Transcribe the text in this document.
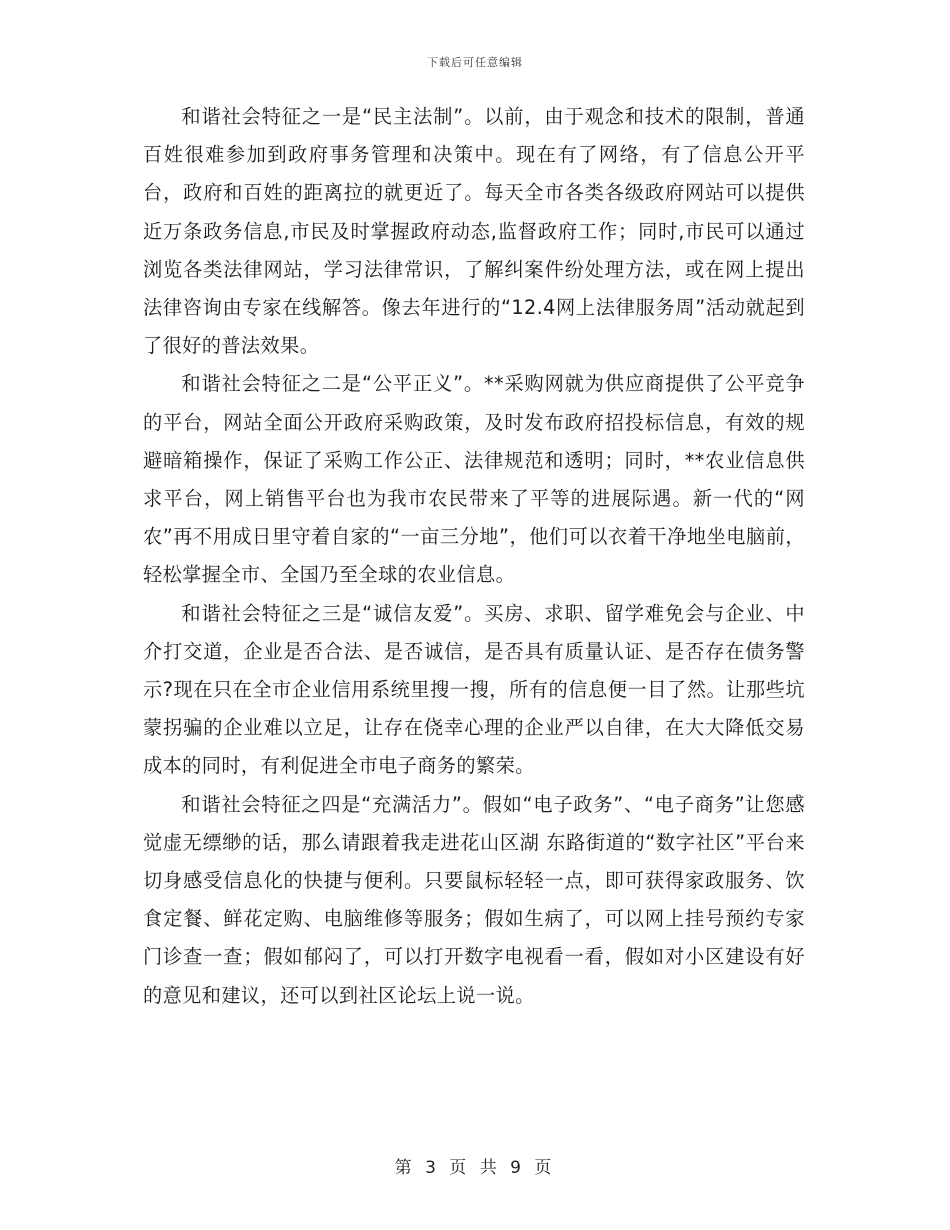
下载后可任意编辑

和谐社会特征之一是“民主法制”。以前，由于观念和技术的限制，普通百姓很难参加到政府事务管理和决策中。现在有了网络，有了信息公开平台，政府和百姓的距离拉的就更近了。每天全市各类各级政府网站可以提供近万条政务信息,市民及时掌握政府动态,监督政府工作；同时,市民可以通过浏览各类法律网站，学习法律常识，了解纠案件纷处理方法，或在网上提出法律咨询由专家在线解答。像去年进行的“12.4网上法律服务周”活动就起到了很好的普法效果。

和谐社会特征之二是“公平正义”。**采购网就为供应商提供了公平竞争的平台，网站全面公开政府采购政策，及时发布政府招投标信息，有效的规避暗箱操作，保证了采购工作公正、法律规范和透明；同时，**农业信息供求平台，网上销售平台也为我市农民带来了平等的进展际遇。新一代的“网农”再不用成日里守着自家的“一亩三分地”，他们可以衣着干净地坐电脑前，轻松掌握全市、全国乃至全球的农业信息。

和谐社会特征之三是“诚信友爱”。买房、求职、留学难免会与企业、中介打交道，企业是否合法、是否诚信，是否具有质量认证、是否存在债务警示?现在只在全市企业信用系统里搜一搜，所有的信息便一目了然。让那些坑蒙拐骗的企业难以立足，让存在侥幸心理的企业严以自律，在大大降低交易成本的同时，有利促进全市电子商务的繁荣。

和谐社会特征之四是“充满活力”。假如“电子政务”、“电子商务”让您感觉虚无缥缈的话，那么请跟着我走进花山区湖 东路街道的“数字社区”平台来切身感受信息化的快捷与便利。只要鼠标轻轻一点，即可获得家政服务、饮食定餐、鲜花定购、电脑维修等服务；假如生病了，可以网上挂号预约专家门诊查一查；假如郁闷了，可以打开数字电视看一看，假如对小区建设有好的意见和建议，还可以到社区论坛上说一说。

第 3 页 共 9 页
